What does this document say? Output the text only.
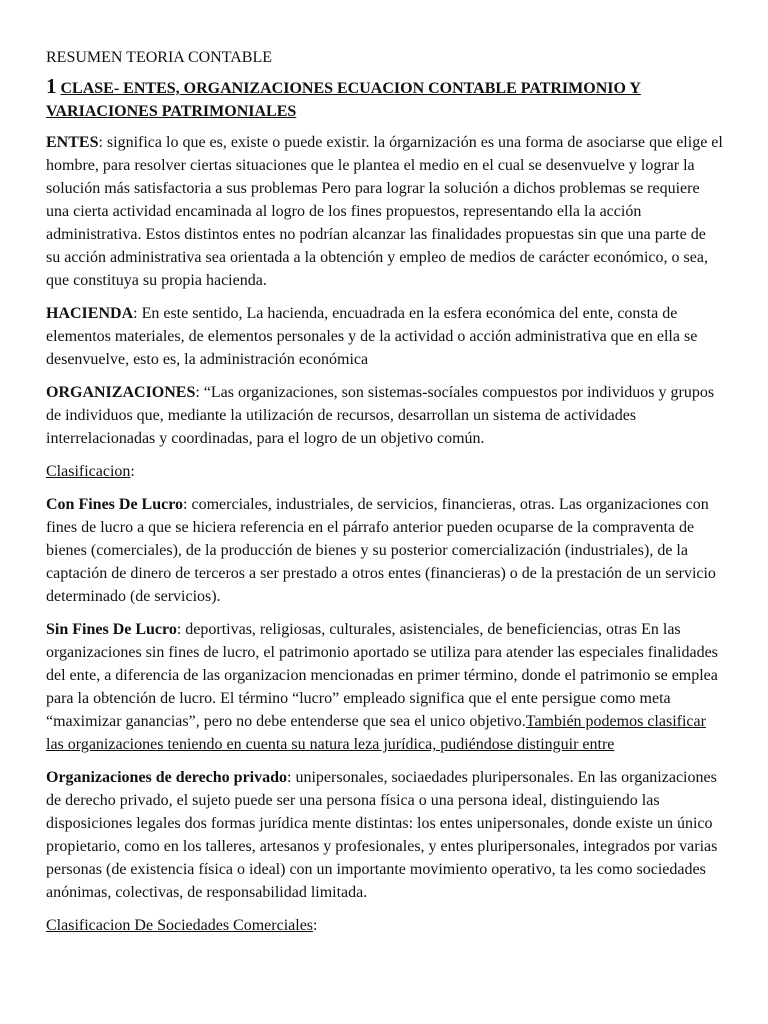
RESUMEN TEORIA CONTABLE
1 CLASE- ENTES, ORGANIZACIONES ECUACION CONTABLE PATRIMONIO Y VARIACIONES PATRIMONIALES

ENTES: significa lo que es, existe o puede existir. la órgarnización es una forma de asociarse que elige el hombre, para resolver ciertas situaciones que le plantea el medio en el cual se desenvuelve y lograr la solución más satisfactoria a sus problemas Pero para lograr la solución a dichos problemas se requiere una cierta actividad encaminada al logro de los fines propuestos, representando ella la acción administrativa. Estos distintos entes no podrían alcanzar las finalidades propuestas sin que una parte de su acción administrativa sea orientada a la obtención y empleo de medios de carácter económico, o sea, que constituya su propia hacienda.

HACIENDA: En este sentido, La hacienda, encuadrada en la esfera económica del ente, consta de elementos materiales, de elementos personales y de la actividad o acción administrativa que en ella se desenvuelve, esto es, la administración económica

ORGANIZACIONES: “Las organizaciones, son sistemas-socíales compuestos por individuos y grupos de individuos que, mediante la utilización de recursos, desarrollan un sistema de actividades interrelacionadas y coordinadas, para el logro de un objetivo común.

Clasificacion:

Con Fines De Lucro: comerciales, industriales, de servicios, financieras, otras. Las organizaciones con fines de lucro a que se hiciera referencia en el párrafo anterior pueden ocuparse de la compraventa de bienes (comerciales), de la producción de bienes y su posterior comercialización (industriales), de la captación de dinero de terceros a ser prestado a otros entes (financieras) o de la prestación de un servicio determinado (de servicios).

Sin Fines De Lucro: deportivas, religiosas, culturales, asistenciales, de beneficiencias, otras En las organizaciones sin fines de lucro, el patrimonio aportado se utiliza para atender las especiales finalidades del ente, a diferencia de las organizacion mencionadas en primer término, donde el patrimonio se emplea para la obtención de lucro. El término “lucro” empleado significa que el ente persigue como meta “maximizar ganancias”, pero no debe entenderse que sea el unico objetivo.También podemos clasificar las organizaciones teniendo en cuenta su natura leza jurídica, pudiéndose distinguir entre

Organizaciones de derecho privado: unipersonales, sociaedades pluripersonales. En las organizaciones de derecho privado, el sujeto puede ser una persona física o una persona ideal, distinguiendo las disposiciones legales dos formas jurídica mente distintas: los entes unipersonales, donde existe un único propietario, como en los talleres, artesanos y profesionales, y entes pluripersonales, integrados por varias personas (de existencia física o ideal) con un importante movimiento operativo, ta les como sociedades anónimas, colectivas, de responsabilidad limitada.

Clasificacion De Sociedades Comerciales:
